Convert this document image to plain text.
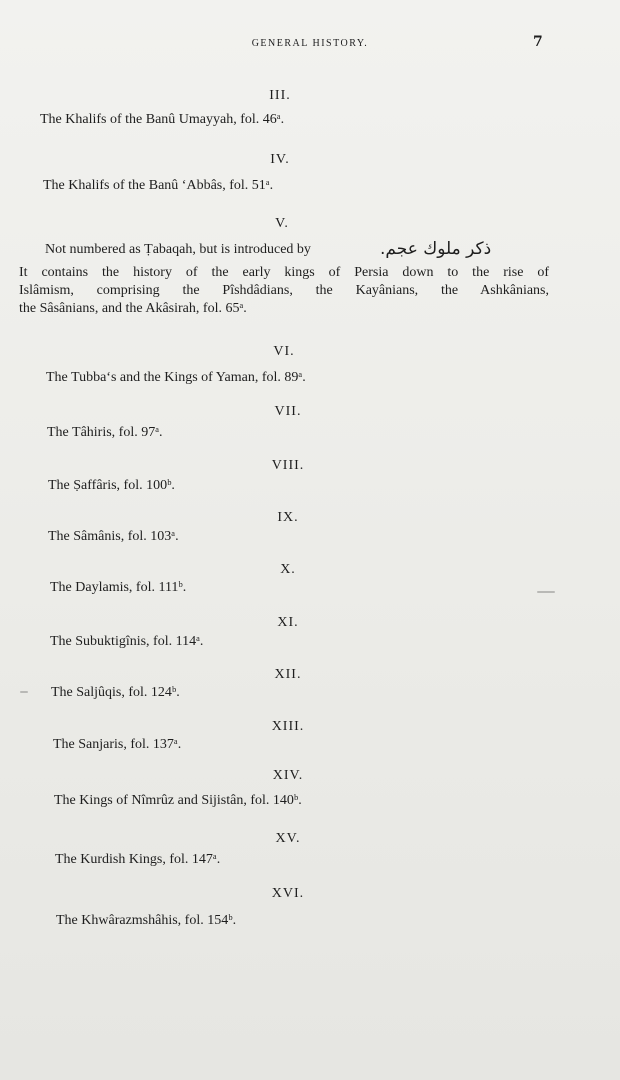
GENERAL HISTORY.	7
III.
The Khalifs of the Banû Umayyah, fol. 46ᵃ.
IV.
The Khalifs of the Banû ‘Abbâs, fol. 51ᵃ.
V.
Not numbered as Ṭabaqah, but is introduced by	ذكر ملوك عجم.
It contains the history of the early kings of Persia down to the rise of
Islâmism, comprising the Pîshdâdians, the Kayânians, the Ashkânians,
the Sâsânians, and the Akâsirah, fol. 65ᵃ.
VI.
The Tubba‘s and the Kings of Yaman, fol. 89ᵃ.
VII.
The Tâhiris, fol. 97ᵃ.
VIII.
The Ṣaffâris, fol. 100ᵇ.
IX.
The Sâmânis, fol. 103ᵃ.
X.
The Daylamis, fol. 111ᵇ.
XI.
The Subuktigînis, fol. 114ᵃ.
XII.
The Saljûqis, fol. 124ᵇ.
XIII.
The Sanjaris, fol. 137ᵃ.
XIV.
The Kings of Nîmrûz and Sijistân, fol. 140ᵇ.
XV.
The Kurdish Kings, fol. 147ᵃ.
XVI.
The Khwârazmshâhis, fol. 154ᵇ.
